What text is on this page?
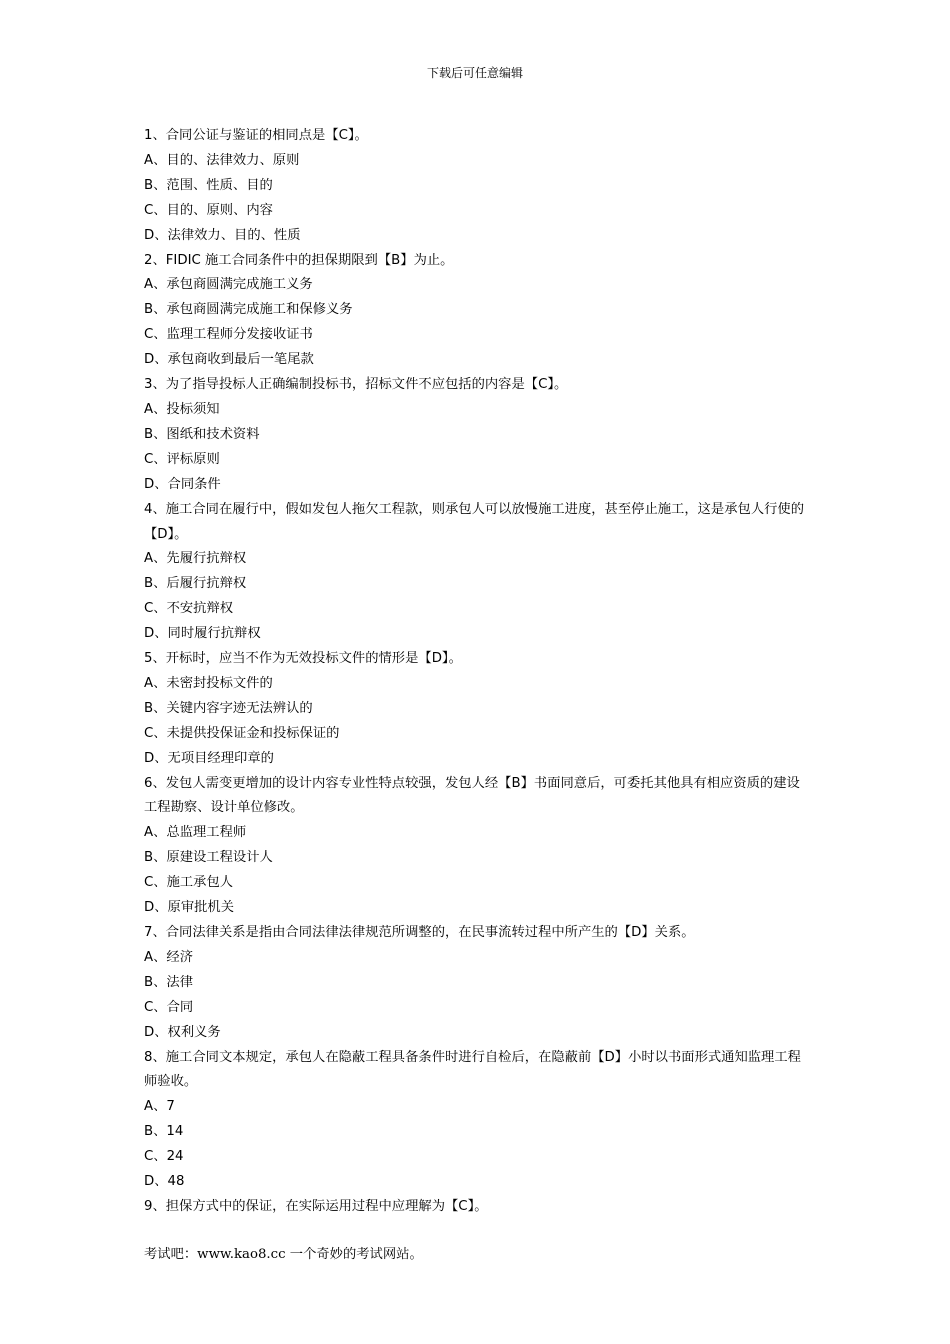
下载后可任意编辑

1、合同公证与鉴证的相同点是【C】。

A、目的、法律效力、原则

B、范围、性质、目的

C、目的、原则、内容

D、法律效力、目的、性质

2、FIDIC 施工合同条件中的担保期限到【B】为止。

A、承包商圆满完成施工义务

B、承包商圆满完成施工和保修义务

C、监理工程师分发接收证书

D、承包商收到最后一笔尾款

3、为了指导投标人正确编制投标书，招标文件不应包括的内容是【C】。

A、投标须知

B、图纸和技术资料

C、评标原则

D、合同条件

4、施工合同在履行中，假如发包人拖欠工程款，则承包人可以放慢施工进度，甚至停止施工，这是承包人行使的【D】。

A、先履行抗辩权

B、后履行抗辩权

C、不安抗辩权

D、同时履行抗辩权

5、开标时，应当不作为无效投标文件的情形是【D】。

A、未密封投标文件的

B、关键内容字迹无法辨认的

C、未提供投保证金和投标保证的

D、无项目经理印章的

6、发包人需变更增加的设计内容专业性特点较强，发包人经【B】书面同意后，可委托其他具有相应资质的建设工程勘察、设计单位修改。

A、总监理工程师

B、原建设工程设计人

C、施工承包人

D、原审批机关

7、合同法律关系是指由合同法律法律规范所调整的，在民事流转过程中所产生的【D】关系。

A、经济

B、法律

C、合同

D、权利义务

8、施工合同文本规定，承包人在隐蔽工程具备条件时进行自检后，在隐蔽前【D】小时以书面形式通知监理工程师验收。

A、7

B、14

C、24

D、48

9、担保方式中的保证，在实际运用过程中应理解为【C】。

考试吧：www.kao8.cc 一个奇妙的考试网站。
